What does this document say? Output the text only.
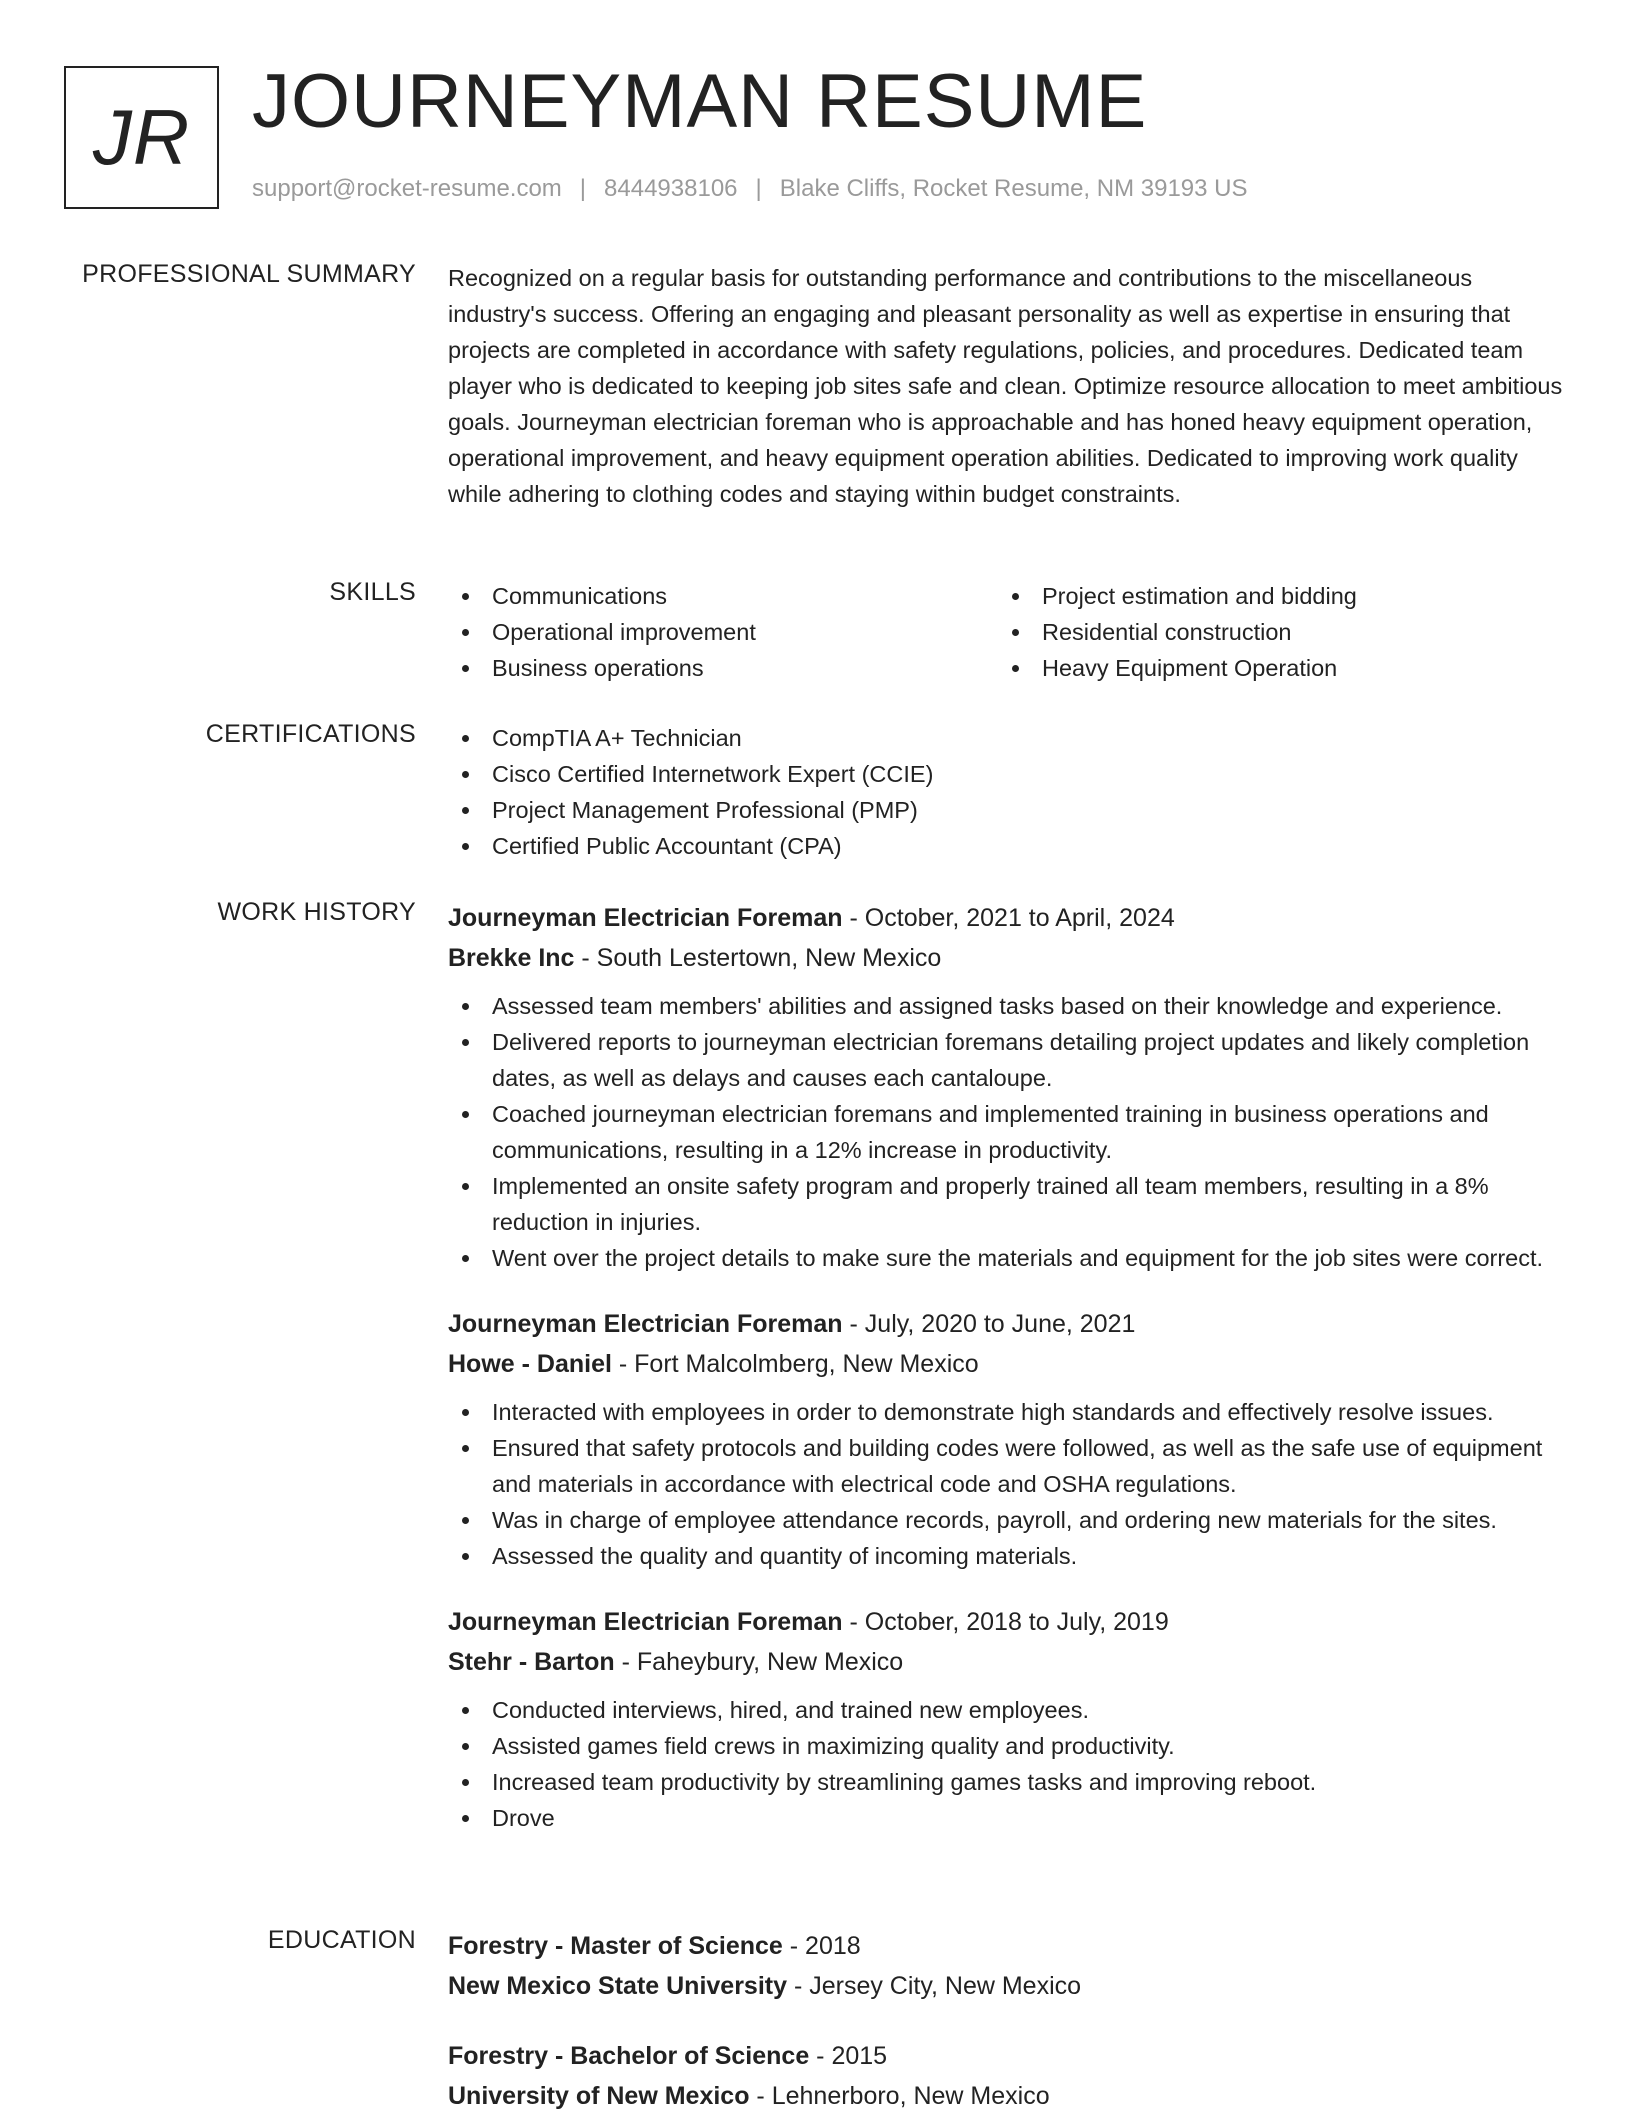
JR JOURNEYMAN RESUME
support@rocket-resume.com | 8444938106 | Blake Cliffs, Rocket Resume, NM 39193 US
PROFESSIONAL SUMMARY Recognized on a regular basis for outstanding performance and contributions to the miscellaneous industry's success. Offering an engaging and pleasant personality as well as expertise in ensuring that projects are completed in accordance with safety regulations, policies, and procedures. Dedicated team player who is dedicated to keeping job sites safe and clean. Optimize resource allocation to meet ambitious goals. Journeyman electrician foreman who is approachable and has honed heavy equipment operation, operational improvement, and heavy equipment operation abilities. Dedicated to improving work quality while adhering to clothing codes and staying within budget constraints.
SKILLS	Communications
Operational improvement
Business operations
Project estimation and bidding
Residential construction
Heavy Equipment Operation
CERTIFICATIONS	CompTIA A+ Technician
Cisco Certified Internetwork Expert (CCIE)
Project Management Professional (PMP)
Certified Public Accountant (CPA)
WORK HISTORY Journeyman Electrician Foreman - October, 2021 to April, 2024
Brekke Inc - South Lestertown, New Mexico
Assessed team members' abilities and assigned tasks based on their knowledge and experience.
Delivered reports to journeyman electrician foremans detailing project updates and likely completion dates, as well as delays and causes each cantaloupe.
Coached journeyman electrician foremans and implemented training in business operations and communications, resulting in a 12% increase in productivity.
Implemented an onsite safety program and properly trained all team members, resulting in a 8% reduction in injuries.
Went over the project details to make sure the materials and equipment for the job sites were correct.
Journeyman Electrician Foreman - July, 2020 to June, 2021
Howe - Daniel - Fort Malcolmberg, New Mexico
Interacted with employees in order to demonstrate high standards and effectively resolve issues.
Ensured that safety protocols and building codes were followed, as well as the safe use of equipment and materials in accordance with electrical code and OSHA regulations.
Was in charge of employee attendance records, payroll, and ordering new materials for the sites.
Assessed the quality and quantity of incoming materials.
Journeyman Electrician Foreman - October, 2018 to July, 2019
Stehr - Barton - Faheybury, New Mexico
Conducted interviews, hired, and trained new employees.
Assisted games field crews in maximizing quality and productivity.
Increased team productivity by streamlining games tasks and improving reboot.
Drove
EDUCATION Forestry - Master of Science - 2018
New Mexico State University - Jersey City, New Mexico
Forestry - Bachelor of Science - 2015
University of New Mexico - Lehnerboro, New Mexico
